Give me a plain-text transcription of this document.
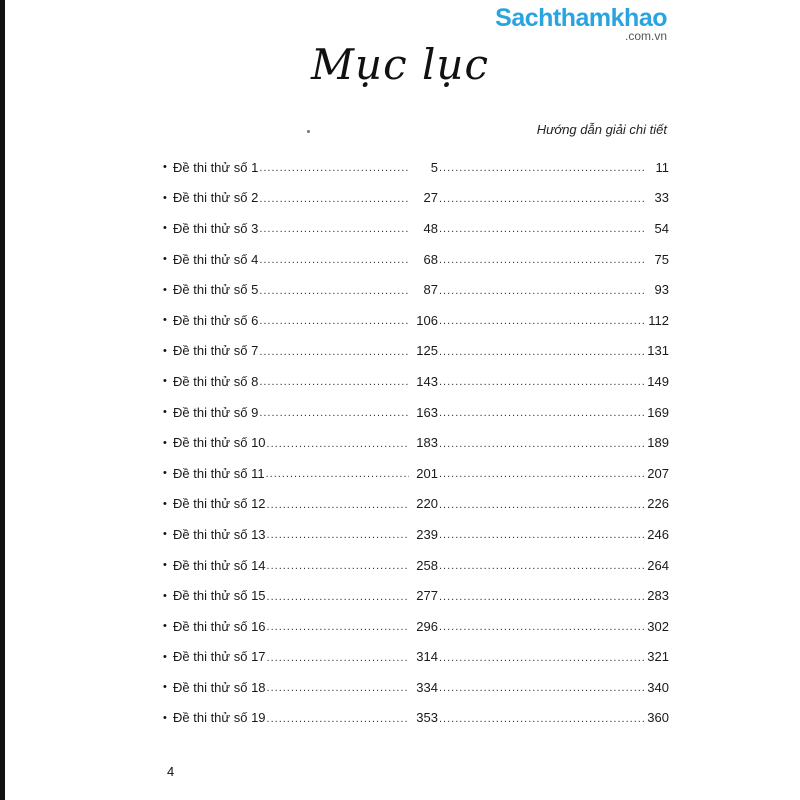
Sachthamkhao
.com.vn
Mục lục
Hướng dẫn giải chi tiết
• Đề thi thử số 1 .....	5 .....	11
• Đề thi thử số 2 .....	27 .....	33
• Đề thi thử số 3 .....	48 .....	54
• Đề thi thử số 4 .....	68 .....	75
• Đề thi thử số 5 .....	87 .....	93
• Đề thi thử số 6 .....	106 .....	112
• Đề thi thử số 7 .....	125 .....	131
• Đề thi thử số 8 .....	143 .....	149
• Đề thi thử số 9 .....	163 .....	169
• Đề thi thử số 10 .....	183 .....	189
• Đề thi thử số 11 .....	201 .....	207
• Đề thi thử số 12 .....	220 .....	226
• Đề thi thử số 13 .....	239 .....	246
• Đề thi thử số 14 .....	258 .....	264
• Đề thi thử số 15 .....	277 .....	283
• Đề thi thử số 16 .....	296 .....	302
• Đề thi thử số 17 .....	314 .....	321
• Đề thi thử số 18 .....	334 .....	340
• Đề thi thử số 19 .....	353 .....	360
4
